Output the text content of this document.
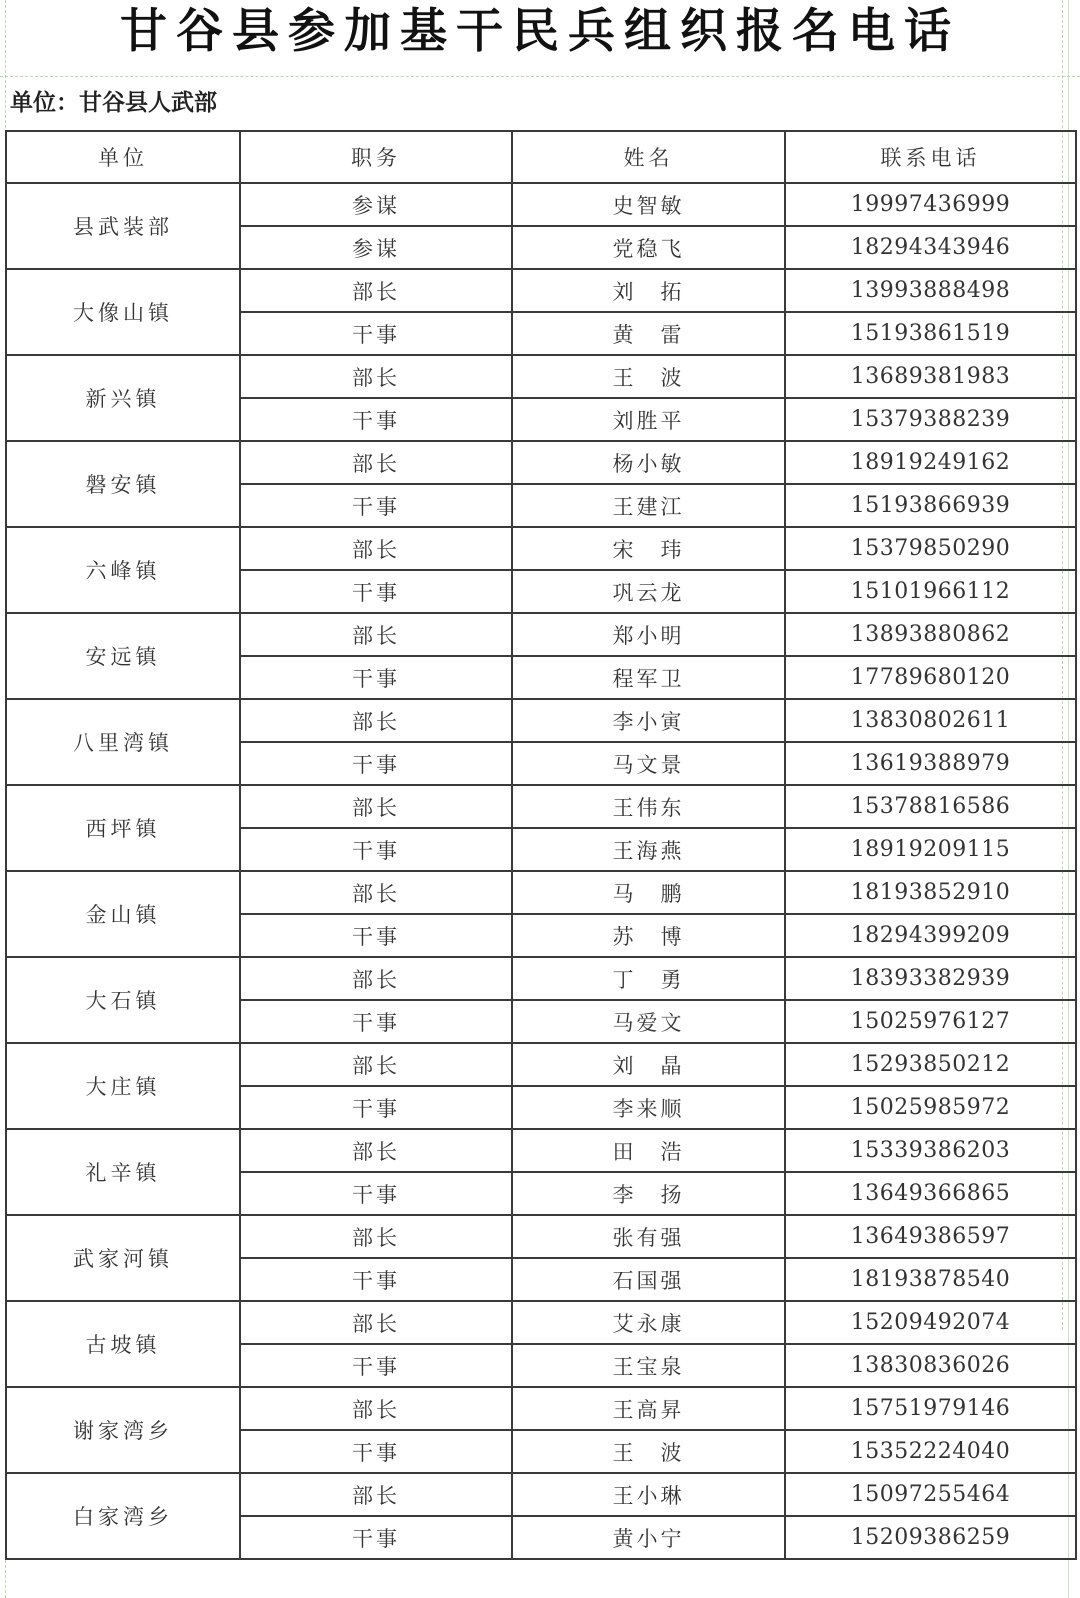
甘谷县参加基干民兵组织报名电话
单位：甘谷县人武部
单位	职务	姓名	联系电话
县武装部	参谋	史智敏	19997436999
	参谋	党稳飞	18294343946
大像山镇	部长	刘　拓	13993888498
	干事	黄　雷	15193861519
新兴镇	部长	王　波	13689381983
	干事	刘胜平	15379388239
磐安镇	部长	杨小敏	18919249162
	干事	王建江	15193866939
六峰镇	部长	宋　玮	15379850290
	干事	巩云龙	15101966112
安远镇	部长	郑小明	13893880862
	干事	程军卫	17789680120
八里湾镇	部长	李小寅	13830802611
	干事	马文景	13619388979
西坪镇	部长	王伟东	15378816586
	干事	王海燕	18919209115
金山镇	部长	马　鹏	18193852910
	干事	苏　博	18294399209
大石镇	部长	丁　勇	18393382939
	干事	马爱文	15025976127
大庄镇	部长	刘　晶	15293850212
	干事	李来顺	15025985972
礼辛镇	部长	田　浩	15339386203
	干事	李　扬	13649366865
武家河镇	部长	张有强	13649386597
	干事	石国强	18193878540
古坡镇	部长	艾永康	15209492074
	干事	王宝泉	13830836026
谢家湾乡	部长	王高昇	15751979146
	干事	王　波	15352224040
白家湾乡	部长	王小琳	15097255464
	干事	黄小宁	15209386259
